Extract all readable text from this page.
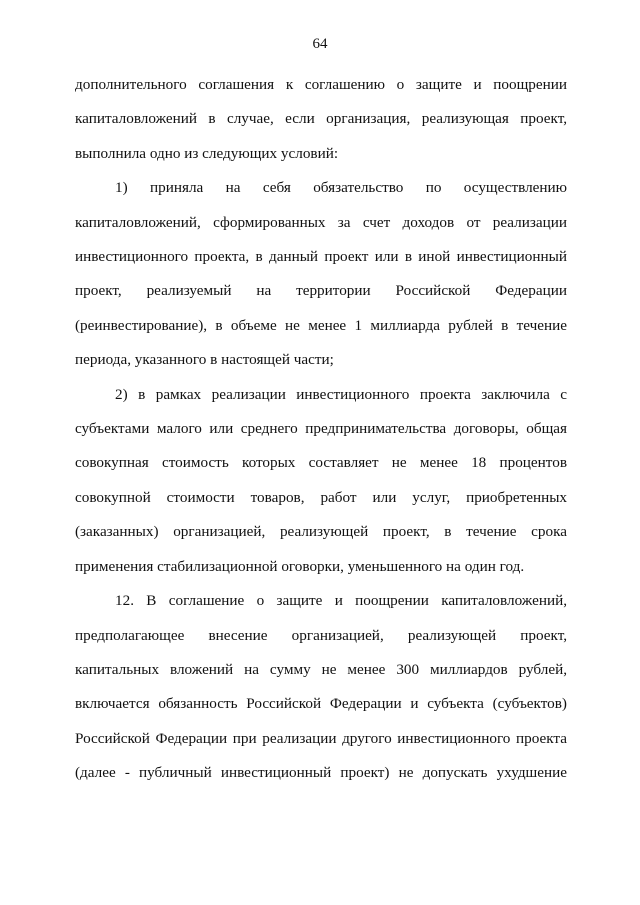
64

дополнительного соглашения к соглашению о защите и поощрении капиталовложений в случае, если организация, реализующая проект, выполнила одно из следующих условий:

1) приняла на себя обязательство по осуществлению капиталовложений, сформированных за счет доходов от реализации инвестиционного проекта, в данный проект или в иной инвестиционный проект, реализуемый на территории Российской Федерации (реинвестирование), в объеме не менее 1 миллиарда рублей в течение периода, указанного в настоящей части;

2) в рамках реализации инвестиционного проекта заключила с субъектами малого или среднего предпринимательства договоры, общая совокупная стоимость которых составляет не менее 18 процентов совокупной стоимости товаров, работ или услуг, приобретенных (заказанных) организацией, реализующей проект, в течение срока применения стабилизационной оговорки, уменьшенного на один год.

12. В соглашение о защите и поощрении капиталовложений, предполагающее внесение организацией, реализующей проект, капитальных вложений на сумму не менее 300 миллиардов рублей, включается обязанность Российской Федерации и субъекта (субъектов) Российской Федерации при реализации другого инвестиционного проекта (далее - публичный инвестиционный проект) не допускать ухудшение
